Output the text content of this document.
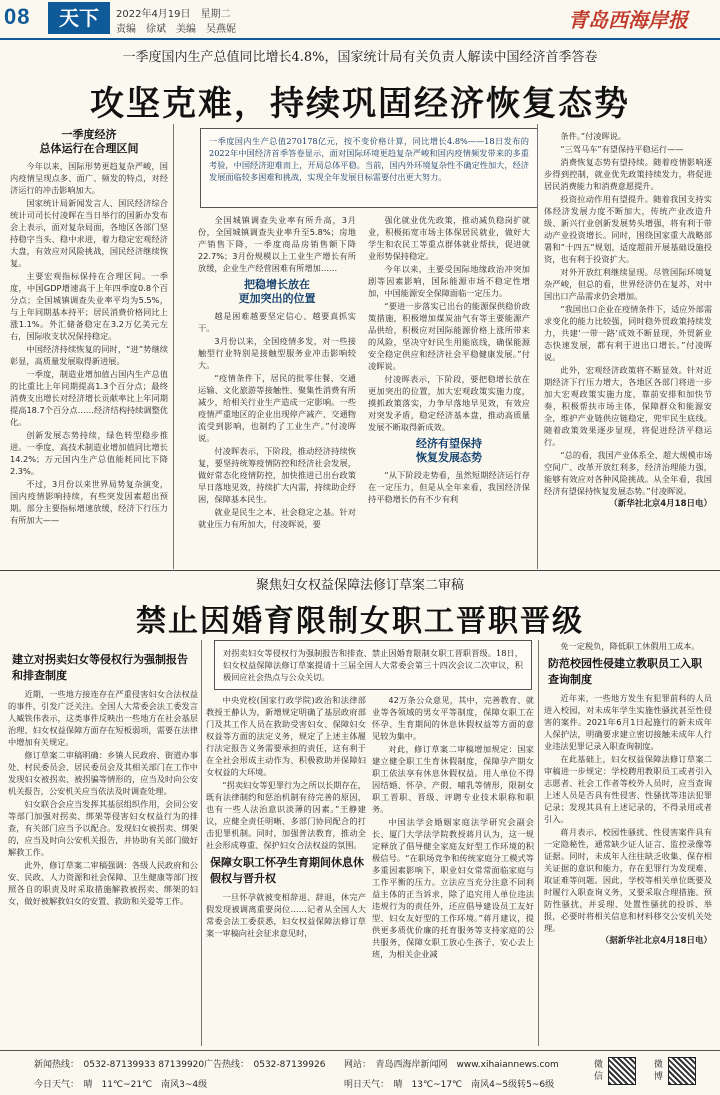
08	天下	2022年4月19日　星期二
责编　徐斌　美编　吴燕妮	青岛西海岸报
一季度国内生产总值同比增长4.8%，国家统计局有关负责人解读中国经济首季答卷
攻坚克难，持续巩固经济恢复态势
一季度经济
总体运行在合理区间

今年以来，国际形势更趋复杂严峻，国内疫情呈现点多、面广、频发的特点，对经济运行的冲击影响加大。

国家统计局新闻发言人、国民经济综合统计司司长付凌晖在当日举行的国新办发布会上表示，面对复杂局面，各地区各部门坚持稳字当头、稳中求进，着力稳定宏观经济大盘，有效应对风险挑战，国民经济继续恢复。

主要宏观指标保持在合理区间。一季度，中国GDP增速高于上年四季度0.8个百分点；全国城镇调查失业率平均为5.5%，与上年同期基本持平；居民消费价格同比上涨1.1%。外汇储备稳定在3.2万亿美元左右，国际收支状况保持稳定。

中国经济持续恢复的同时，“进”势继续彰显，高质量发展取得新进展。

一季度，制造业增加值占国内生产总值的比重比上年同期提高1.3个百分点；最终消费支出增长对经济增长贡献率比上年同期提高18.7个百分点……经济结构持续调整优化。

创新发展态势持续，绿色转型稳步推进。一季度，高技术制造业增加值同比增长14.2%；万元国内生产总值能耗同比下降2.3%。

不过，3月份以来世界局势复杂演变，国内疫情影响持续，有些突发因素超出预期。部分主要指标增速放缓，经济下行压力有所加大——

一季度国内生产总值270178亿元，按不变价格计算，同比增长4.8%——18日发布的2022年中国经济首季答卷显示，面对国际环境更趋复杂严峻和国内疫情频发带来的多重考验，中国经济迎难而上，开局总体平稳。当前，国内外环境复杂性不确定性加大，经济发展面临较多困难和挑战，实现全年发展目标需要付出更大努力。

全国城镇调查失业率有所升高，3月份，全国城镇调查失业率升至5.8%；房地产销售下降，一季度商品房销售额下降22.7%；3月份规模以上工业生产增长有所放缓，企业生产经营困难有所增加……

把稳增长放在
更加突出的位置

越是困难越要坚定信心、越要真抓实干。

3月份以来，全国疫情多发，对一些接触型行业特别是接触型服务业冲击影响较大。

“疫情条件下，居民的批零住餐、交通运输、文化旅游等接触性、聚集性消费有所减少，给相关行业生产造成一定影响。一些疫情严重地区的企业出现停产减产、交通物流受到影响，也制约了工业生产。”付凌晖说。

付凌晖表示，下阶段，推动经济持续恢复，要坚持统筹疫情防控和经济社会发展，做好常态化疫情防控，加快推进已出台政策早日落地见效，持续扩大内需，持续助企纾困，保障基本民生。

就业是民生之本、社会稳定之基。针对就业压力有所加大，付凌晖说，要

强化就业优先政策，推动减负稳岗扩就业，积极拓宽市场主体保居民就业，做好大学生和农民工等重点群体就业帮扶，促进就业形势保持稳定。

今年以来，主要受国际地缘政治冲突加剧等因素影响，国际能源市场不稳定性增加，中国能源安全保障面临一定压力。

“要进一步落实已出台的能源保供稳价政策措施，积极增加煤炭油气有等主要能源产品供给，积极应对国际能源价格上涨所带来的风险，坚决守好民生用能底线，确保能源安全稳定供应和经济社会平稳健康发展。”付凌晖说。

付凌晖表示，下阶段，要把稳增长放在更加突出的位置，加大宏观政策实施力度，摸抓政策落实，力争早落地早见效，有效应对突发矛盾，稳定经济基本盘，推动高质量发展不断取得新成效。

经济有望保持
恢复发展态势

“从下阶段走势看，虽然短期经济运行存在一定压力，但是从全年来看，我国经济保持平稳增长仍有不少有利

条件。”付凌晖说。

“三驾马车”有望保持平稳运行——

消费恢复态势有望持续。随着疫情影响逐步得到控制，就业优先政策持续发力，将促进居民消费能力和消费意愿提升。

投资拉动作用有望提升。随着我国支持实体经济发展力度不断加大，传统产业改造升级、新兴行业创新发展势头增强，将有利于带动产业投资增长。同时，围绕国家重大战略部署和“十四五”规划，适度超前开展基础设施投资，也有利于投资扩大。

对外开放红利继续显现。尽管国际环境复杂严峻，但总的看，世界经济仍在复苏，对中国出口产品需求仍会增加。

“我国出口企业在疫情条件下，适应外部需求变化的能力比较强，同时稳外贸政策持续发力，共建‘一带一路’成效不断显现，外贸新业态快速发展，都有利于进出口增长。”付凌晖说。

此外，宏观经济政策将不断显效。针对近期经济下行压力增大，各地区各部门将进一步加大宏观政策实施力度，靠前安排和加快节奏，积极帮扶市场主体，保障群众和能源安全，维护产业链供应链稳定，兜牢民生底线。随着政策效果逐步显现，将促进经济平稳运行。

“总的看，我国产业体系全、超大规模市场空间广、改革开放红利多，经济治理能力强，能够有效应对各种风险挑战。从全年看，我国经济有望保持恢复发展态势。”付凌晖说。

（新华社北京4月18日电）
聚焦妇女权益保障法修订草案二审稿
禁止因婚育限制女职工晋职晋级
建立对拐卖妇女等侵权行为强制报告和排查制度

近期，一些地方接连存在严重侵害妇女合法权益的事件，引发广泛关注。全国人大常委会法工委发言人臧铁伟表示，这类事件反映出一些地方在社会基层治理、妇女权益保障方面存在短板弱项，需要在法律中增加有关规定。

修订草案二审稿明确：乡镇人民政府、街道办事处、村民委员会、居民委员会及其相关部门在工作中发现妇女被拐卖、被拐骗等情形的，应当及时向公安机关报告，公安机关应当依法及时调查处理。

妇女联合会应当发挥其基层组织作用，会同公安等部门加强对拐卖、绑架等侵害妇女权益行为的排查，有关部门应当予以配合。发现妇女被拐卖、绑架的，应当及时向公安机关报告，并协助有关部门做好解救工作。

此外，修订草案二审稿强调：各级人民政府和公安、民政、人力资源和社会保障、卫生健康等部门按照各自的职责及时采取措施解救被拐卖、绑架的妇女，做好被解救妇女的安置、救助和关爱等工作。

对拐卖妇女等侵权行为强制报告和排查、禁止因婚育限制女职工晋职晋级。18日，妇女权益保障法修订草案提请十三届全国人大常委会第三十四次会议二次审议，积极回应社会热点与公众关切。

中央党校(国家行政学院)政治和法律部教授王静认为，新增规定明确了基层政府部门及其工作人员在救助受害妇女、保障妇女权益等方面的法定义务，规定了上述主体履行法定报告义务需要承担的责任，这有利于在全社会形成主动作为、积极救助并保障妇女权益的大环境。

“拐卖妇女等犯罪行为之所以长期存在，既有法律制约和惩治机制有待完善的原因，也有一些人法治意识淡薄的因素。”王静建议，应健全责任明晰、多部门协同配合的打击犯罪机制。同时，加强普法教育，推动全社会形成尊重、保护妇女合法权益的氛围。

保障女职工怀孕生育期间休息休假权与晋升权

一旦怀孕就被变相辞退、辞退，休完产假发现被调离重要岗位……记者从全国人大常委会法工委获悉，妇女权益保障法修订草案一审稿向社会征求意见时，

42万条公众意见，其中，完善教育、就业等各领域的男女平等制度，保障女职工在怀孕、生育期间的休息休假权益等方面的意见较为集中。

对此，修订草案二审稿增加规定：国家建立健全职工生育休假制度，保障孕产期女职工依法享有休息休假权益。用人单位不得因结婚、怀孕、产假、哺乳等情形，限制女职工晋职、晋级、评聘专业技术职称和职务。

中国法学会婚姻家庭法学研究会副会长、厦门大学法学院教授蒋月认为，这一规定释放了倡导健全家庭友好型工作环境的积极信号。“在职场竞争和传统家庭分工模式等多重因素影响下，职业妇女常常面临家庭与工作平衡的压力。立法应当充分注意不同利益主体的正当诉求，除了追究用人单位违法违规行为的责任外，还应倡导建设员工友好型、妇女友好型的工作环境。”蒋月建议，提供更多质优价廉的托育服务等支持家庭的公共服务，保障女职工放心生孩子、安心去上班，为相关企业减

免一定税负，降低职工休假用工成本。

防范校园性侵建立教职员工入职查询制度

近年来，一些地方发生有犯罪前科的人员进入校园，对未成年学生实施性骚扰甚至性侵害的案件。2021年6月1日起施行的新未成年人保护法，明确要求建立密切接触未成年人行业违法犯罪记录入职查询制度。

在此基础上，妇女权益保障法修订草案二审稿进一步规定：学校聘用教职员工或者引入志愿者、社会工作者等校外人员时，应当查询上述人员是否具有性侵害、性骚扰等违法犯罪记录；发现其具有上述记录的，不得录用或者引入。

蒋月表示，校园性骚扰、性侵害案件具有一定隐秘性，通常缺少证人证言、监控录像等证据。同时，未成年人往往缺乏收集、保存相关证据的意识和能力，存在犯罪行为发现难、取证难等问题。因此，学校等相关单位既要及时履行入职查询义务，又要采取合理措施、预防性骚扰，并妥理、处置性骚扰的投诉、举报，必要时将相关信息和材料移交公安机关处理。

（据新华社北京4月18日电）
新闻热线：　0532-87139933 87139920 广告热线：　0532-87139926 网站：　青岛西海岸新闻网　www.xihaiannews.com
今日天气：　晴　11℃~21℃　南风3~4级	明日天气：　晴　13℃~17℃　南风4~5级转5~6级
微信
微博
